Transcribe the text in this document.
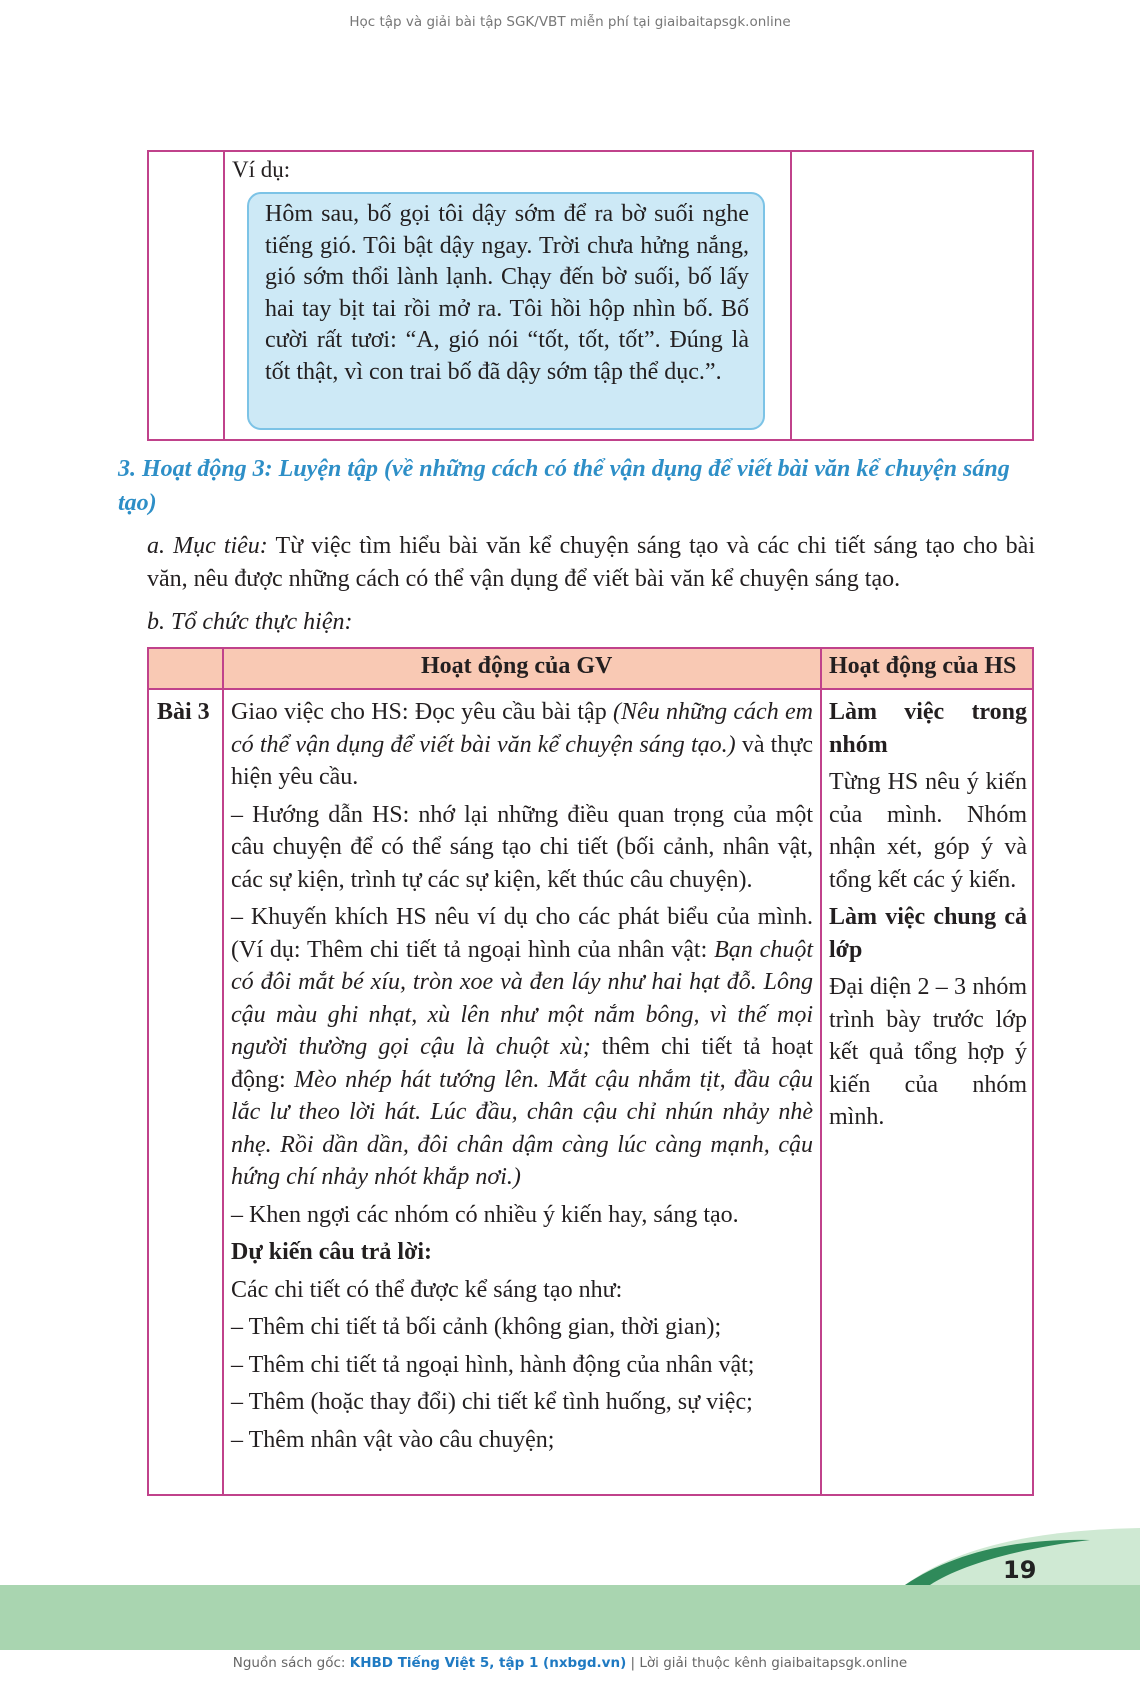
Học tập và giải bài tập SGK/VBT miễn phí tại giaibaitapsgk.online
Ví dụ:
Hôm sau, bố gọi tôi dậy sớm để ra bờ suối nghe tiếng gió. Tôi bật dậy ngay. Trời chưa hửng nắng, gió sớm thổi lành lạnh. Chạy đến bờ suối, bố lấy hai tay bịt tai rồi mở ra. Tôi hồi hộp nhìn bố. Bố cười rất tươi: “A, gió nói “tốt, tốt, tốt”. Đúng là tốt thật, vì con trai bố đã dậy sớm tập thể dục.”.
3. Hoạt động 3: Luyện tập (về những cách có thể vận dụng để viết bài văn kể chuyện sáng tạo)
a. Mục tiêu: Từ việc tìm hiểu bài văn kể chuyện sáng tạo và các chi tiết sáng tạo cho bài văn, nêu được những cách có thể vận dụng để viết bài văn kể chuyện sáng tạo.
b. Tổ chức thực hiện:
Hoạt động của GV	Hoạt động của HS
Bài 3 Giao việc cho HS: Đọc yêu cầu bài tập (Nêu những cách em có thể vận dụng để viết bài văn kể chuyện sáng tạo.) và thực hiện yêu cầu.

– Hướng dẫn HS: nhớ lại những điều quan trọng của một câu chuyện để có thể sáng tạo chi tiết (bối cảnh, nhân vật, các sự kiện, trình tự các sự kiện, kết thúc câu chuyện).

– Khuyến khích HS nêu ví dụ cho các phát biểu của mình. (Ví dụ: Thêm chi tiết tả ngoại hình của nhân vật: Bạn chuột có đôi mắt bé xíu, tròn xoe và đen láy như hai hạt đỗ. Lông cậu màu ghi nhạt, xù lên như một nắm bông, vì thế mọi người thường gọi cậu là chuột xù; thêm chi tiết tả hoạt động: Mèo nhép hát tướng lên. Mắt cậu nhắm tịt, đầu cậu lắc lư theo lời hát. Lúc đầu, chân cậu chỉ nhún nhảy nhè nhẹ. Rồi dần dần, đôi chân dậm càng lúc càng mạnh, cậu hứng chí nhảy nhót khắp nơi.)

– Khen ngợi các nhóm có nhiều ý kiến hay, sáng tạo.

Dự kiến câu trả lời:

Các chi tiết có thể được kể sáng tạo như:

– Thêm chi tiết tả bối cảnh (không gian, thời gian);

– Thêm chi tiết tả ngoại hình, hành động của nhân vật;

– Thêm (hoặc thay đổi) chi tiết kể tình huống, sự việc;

– Thêm nhân vật vào câu chuyện;

Làm việc trong nhóm

Từng HS nêu ý kiến của mình. Nhóm nhận xét, góp ý và tổng kết các ý kiến.

Làm việc chung cả lớp

Đại diện 2 – 3 nhóm trình bày trước lớp kết quả tổng hợp ý kiến của nhóm mình.

19
Nguồn sách gốc: KHBD Tiếng Việt 5, tập 1 (nxbgd.vn) | Lời giải thuộc kênh giaibaitapsgk.online
